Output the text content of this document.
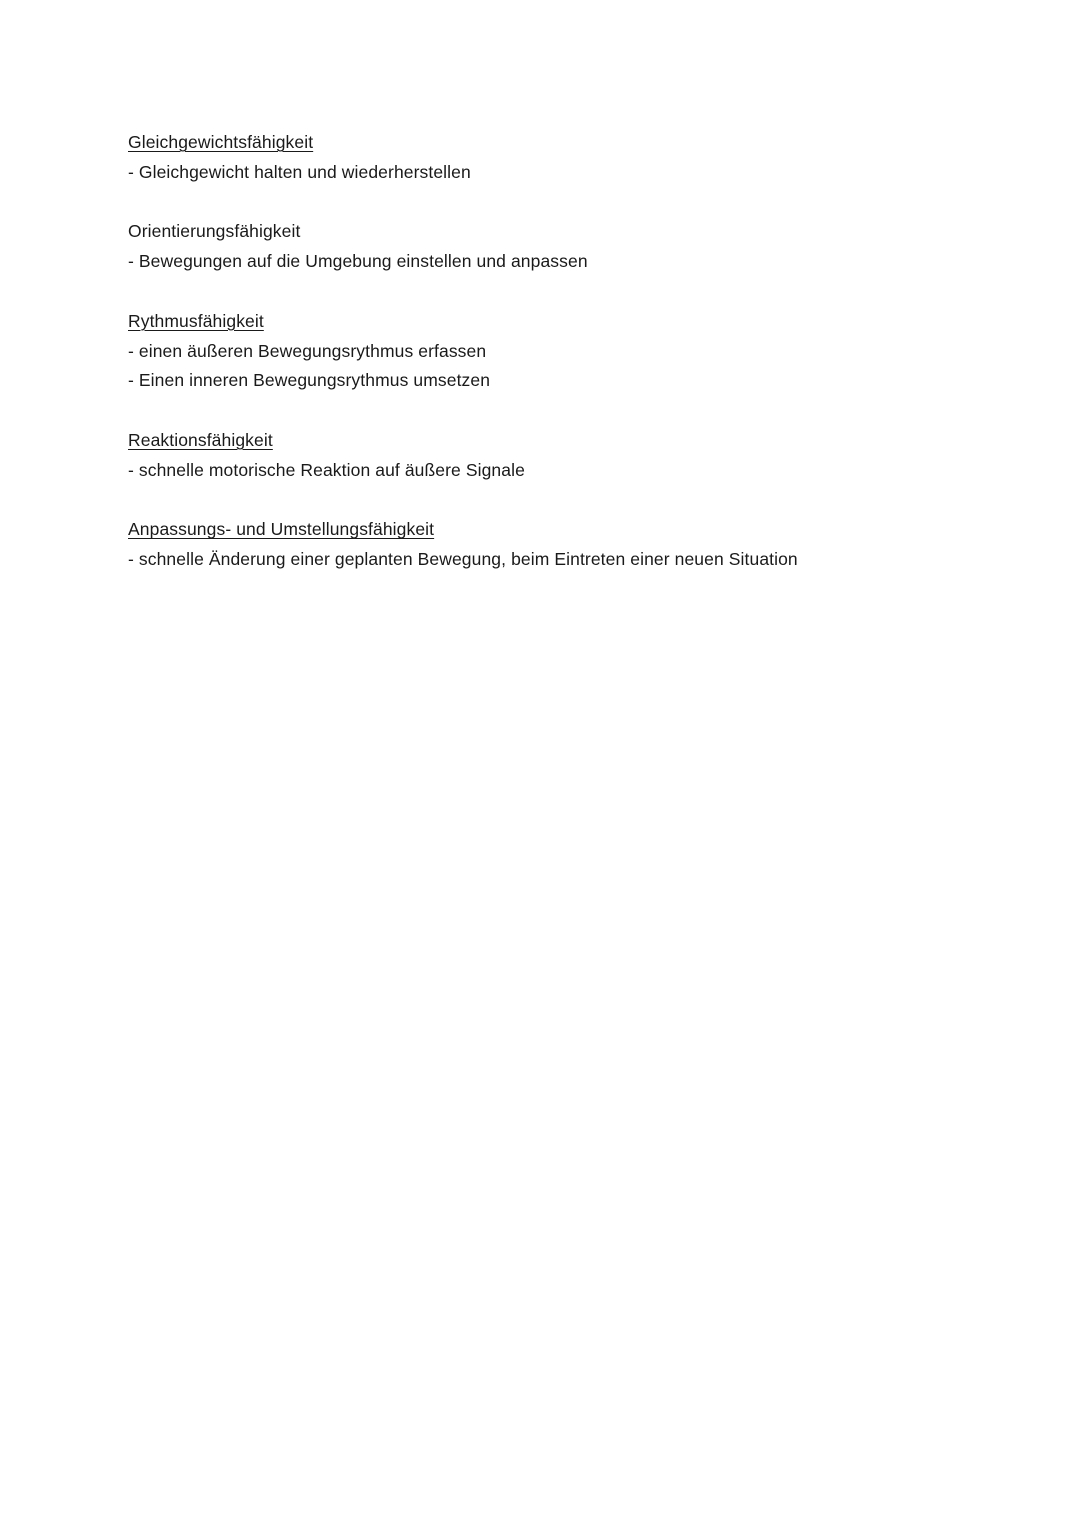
Gleichgewichtsfähigkeit
- Gleichgewicht halten und wiederherstellen
Orientierungsfähigkeit
- Bewegungen auf die Umgebung einstellen und anpassen
Rythmusfähigkeit
- einen äußeren Bewegungsrythmus erfassen
- Einen inneren Bewegungsrythmus umsetzen
Reaktionsfähigkeit
- schnelle motorische Reaktion auf äußere Signale
Anpassungs- und Umstellungsfähigkeit
- schnelle Änderung einer geplanten Bewegung, beim Eintreten einer neuen Situation
